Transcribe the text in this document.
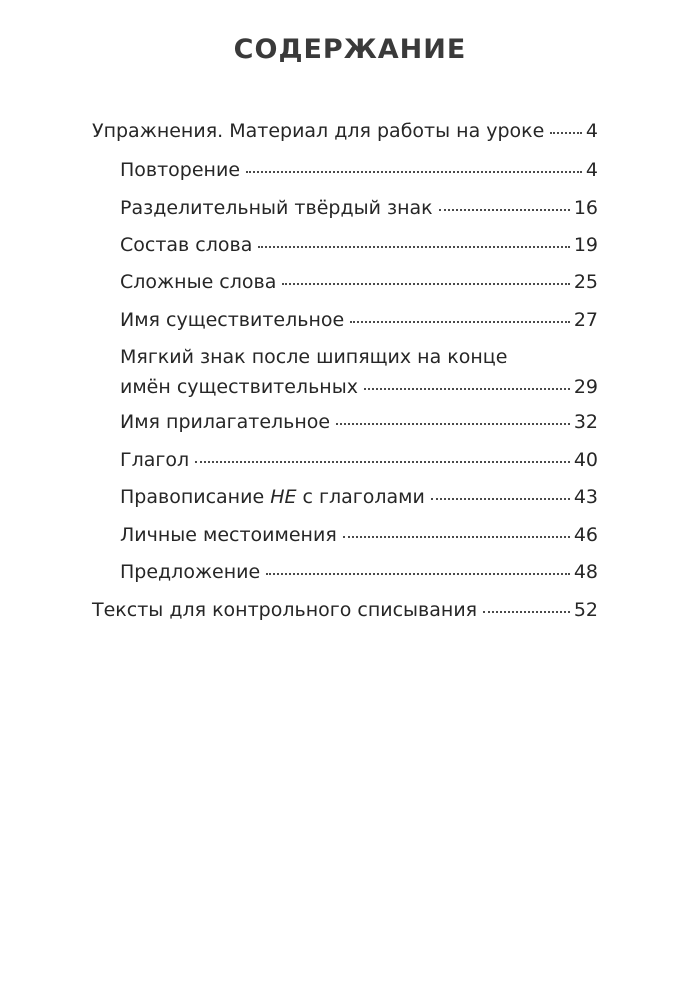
СОДЕРЖАНИЕ
Упражнения. Материал для работы на уроке 4
Повторение	4
Разделительный твёрдый знак	16
Состав слова	19
Сложные слова	25
Имя существительное	27
Мягкий знак после шипящих на конце
имён существительных	29
Имя прилагательное	32
Глагол	40
Правописание НЕ с глаголами	43
Личные местоимения	46
Предложение	48
Тексты для контрольного списывания	52
